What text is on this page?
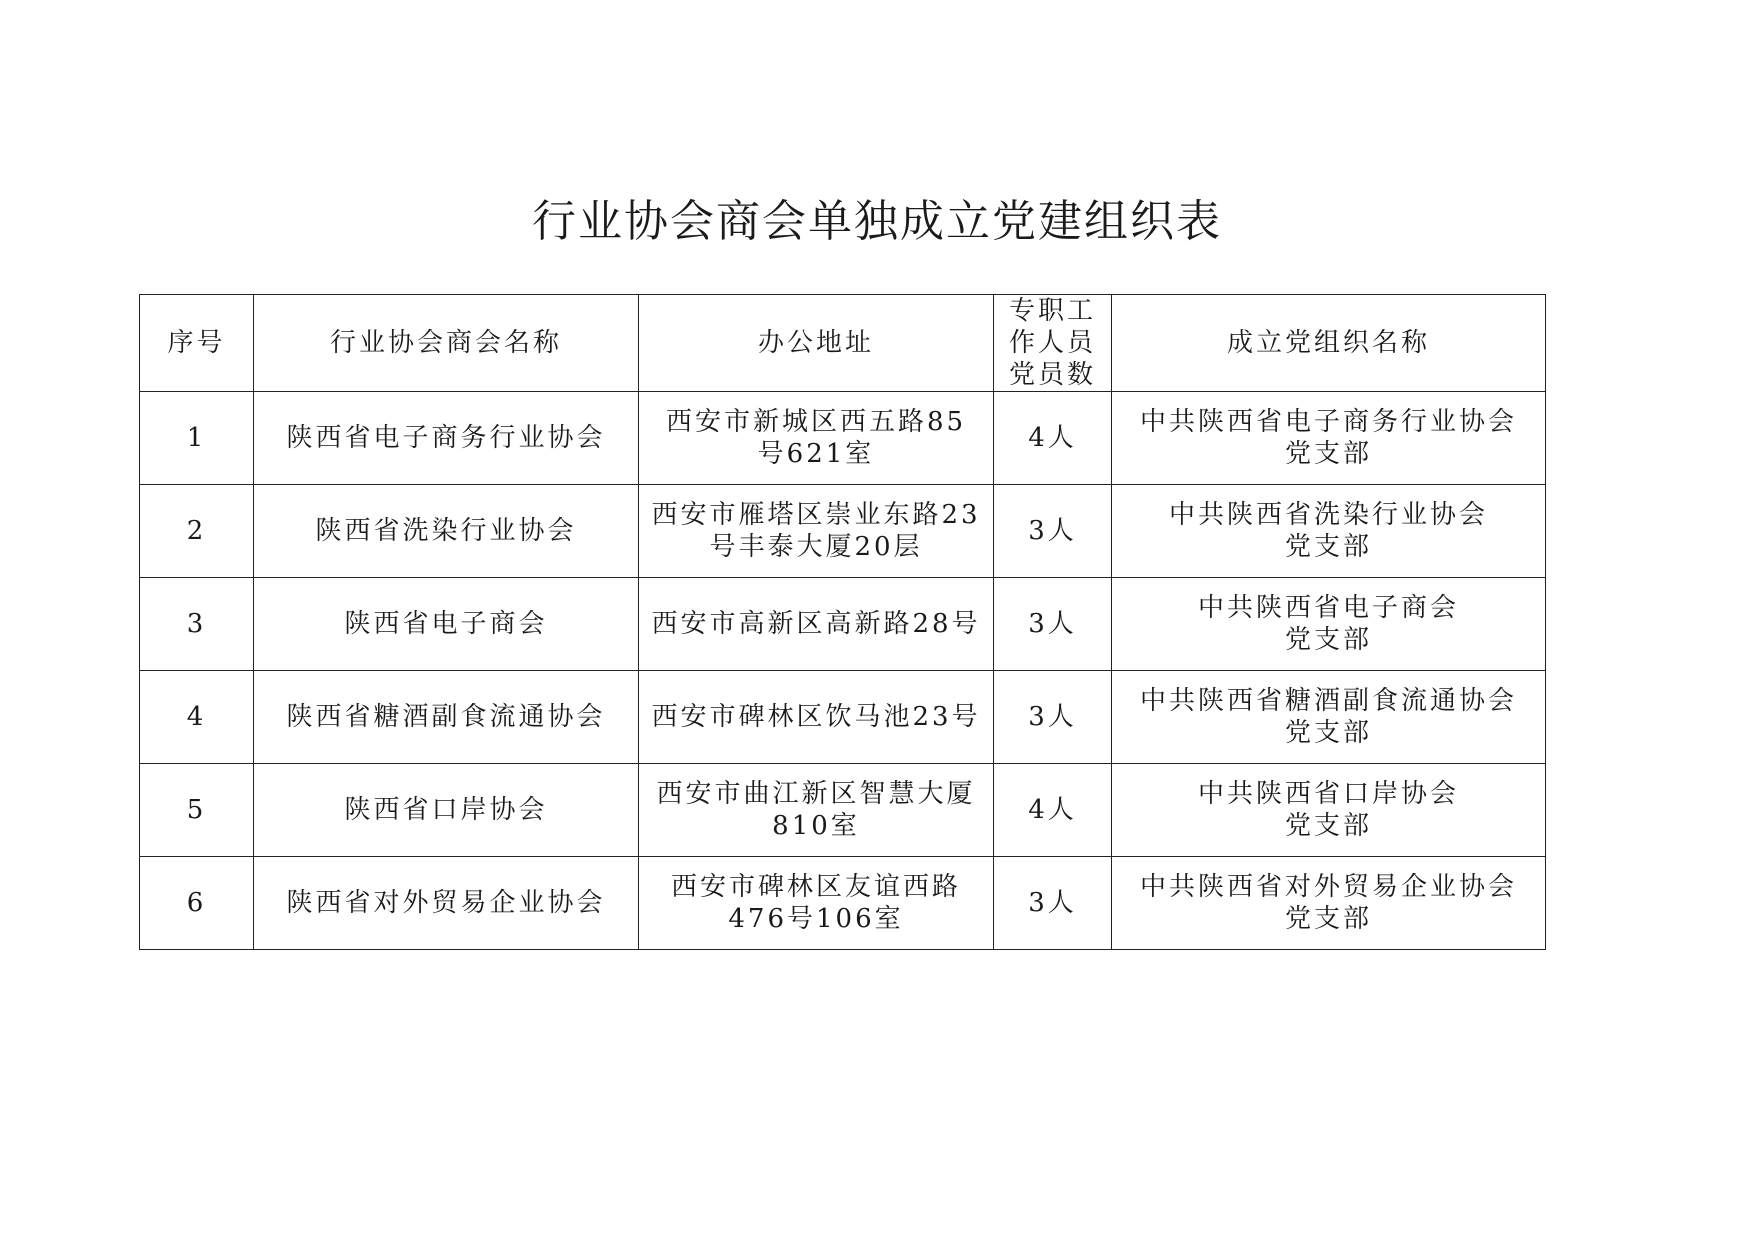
行业协会商会单独成立党建组织表
序号	行业协会商会名称	办公地址	专职工
作人员
党员数	成立党组织名称
1	陕西省电子商务行业协会	西安市新城区西五路85
号621室	4人	中共陕西省电子商务行业协会
党支部

2	陕西省洗染行业协会	西安市雁塔区崇业东路23
号丰泰大厦20层	3人	中共陕西省洗染行业协会
党支部

3	陕西省电子商会	西安市高新区高新路28号	3人	中共陕西省电子商会
党支部

4	陕西省糖酒副食流通协会	西安市碑林区饮马池23号	3人	中共陕西省糖酒副食流通协会
党支部

5	陕西省口岸协会	西安市曲江新区智慧大厦
810室	4人	中共陕西省口岸协会
党支部

6	陕西省对外贸易企业协会	西安市碑林区友谊西路
476号106室	3人	中共陕西省对外贸易企业协会
党支部
